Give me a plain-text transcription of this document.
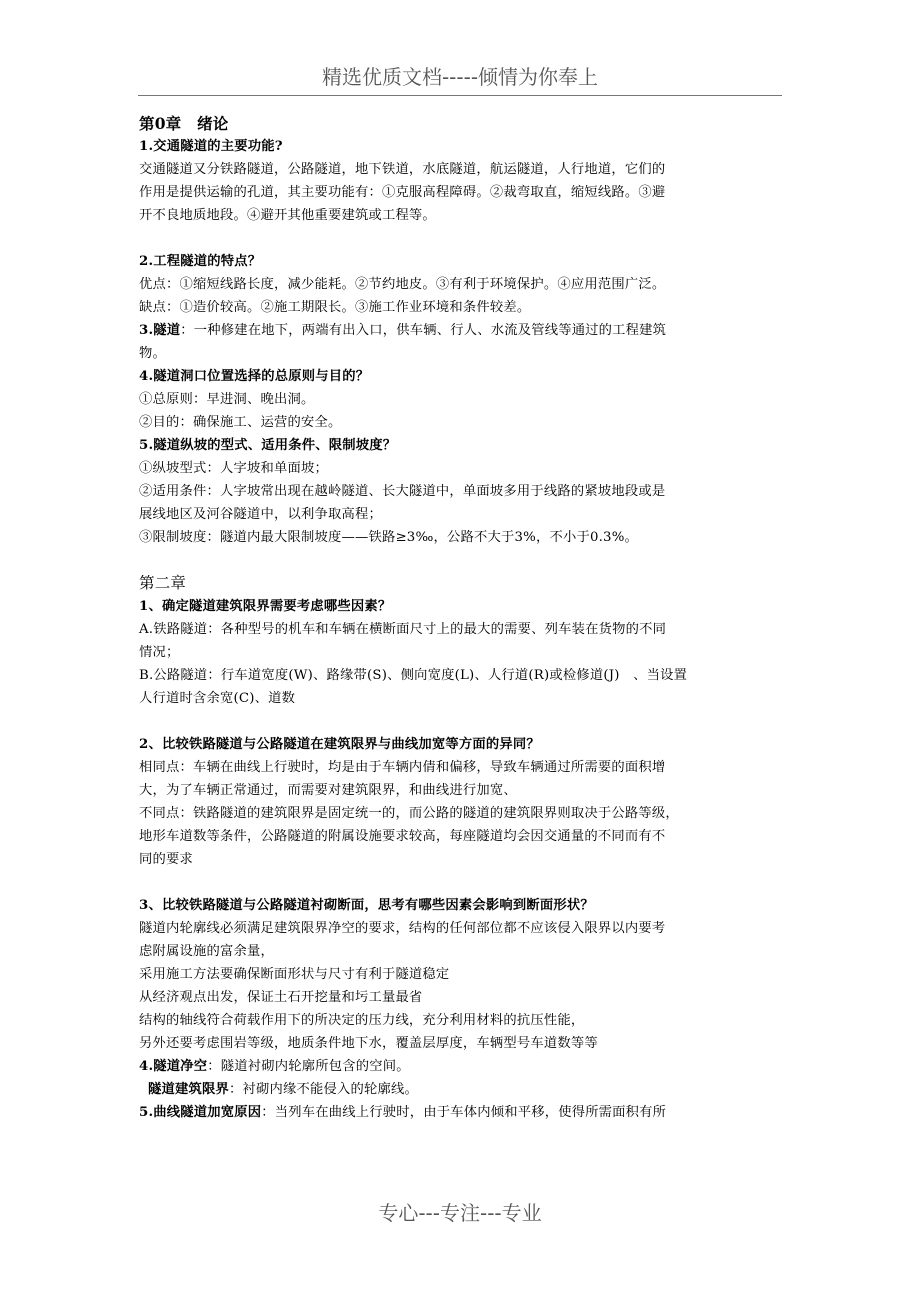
精选优质文档-----倾情为你奉上

第0章　绪论

1.交通隧道的主要功能?

交通隧道又分铁路隧道，公路隧道，地下铁道，水底隧道，航运隧道，人行地道，它们的

作用是提供运输的孔道，其主要功能有：①克服高程障碍。②裁弯取直，缩短线路。③避

开不良地质地段。④避开其他重要建筑或工程等。

2.工程隧道的特点？

优点：①缩短线路长度，减少能耗。②节约地皮。③有利于环境保护。④应用范围广泛。

缺点：①造价较高。②施工期限长。③施工作业环境和条件较差。

3.隧道：一种修建在地下，两端有出入口，供车辆、行人、水流及管线等通过的工程建筑

物。

4.隧道洞口位置选择的总原则与目的？

①总原则：早进洞、晚出洞。

②目的：确保施工、运营的安全。

5.隧道纵坡的型式、适用条件、限制坡度？

①纵坡型式：人字坡和单面坡；

②适用条件：人字坡常出现在越岭隧道、长大隧道中，单面坡多用于线路的紧坡地段或是

展线地区及河谷隧道中，以利争取高程；

③限制坡度：隧道内最大限制坡度——铁路≥3‰，公路不大于3%，不小于0.3%。

第二章

1、确定隧道建筑限界需要考虑哪些因素？

A.铁路隧道：各种型号的机车和车辆在横断面尺寸上的最大的需要、列车装在货物的不同

情况；

B.公路隧道：行车道宽度(W)、路缘带(S)、侧向宽度(L)、人行道(R)或检修道(J)　、当设置

人行道时含余宽(C)、道数

2、比较铁路隧道与公路隧道在建筑限界与曲线加宽等方面的异同？

相同点：车辆在曲线上行驶时，均是由于车辆内倩和偏移，导致车辆通过所需要的面积增

大，为了车辆正常通过，而需要对建筑限界，和曲线进行加宽、

不同点：铁路隧道的建筑限界是固定统一的，而公路的隧道的建筑限界则取决于公路等级，

地形车道数等条件，公路隧道的附属设施要求较高，每座隧道均会因交通量的不同而有不

同的要求

3、比较铁路隧道与公路隧道衬砌断面，思考有哪些因素会影响到断面形状？

隧道内轮廓线必须满足建筑限界净空的要求，结构的任何部位都不应该侵入限界以内要考

虑附属设施的富余量，

采用施工方法要确保断面形状与尺寸有利于隧道稳定

从经济观点出发，保证土石开挖量和圬工量最省

结构的轴线符合荷载作用下的所决定的压力线，充分利用材料的抗压性能，

另外还要考虑围岩等级，地质条件地下水，覆盖层厚度，车辆型号车道数等等

4.隧道净空：隧道衬砌内轮廓所包含的空间。

隧道建筑限界：衬砌内缘不能侵入的轮廓线。

5.曲线隧道加宽原因：当列车在曲线上行驶时，由于车体内倾和平移，使得所需面积有所

专心---专注---专业
